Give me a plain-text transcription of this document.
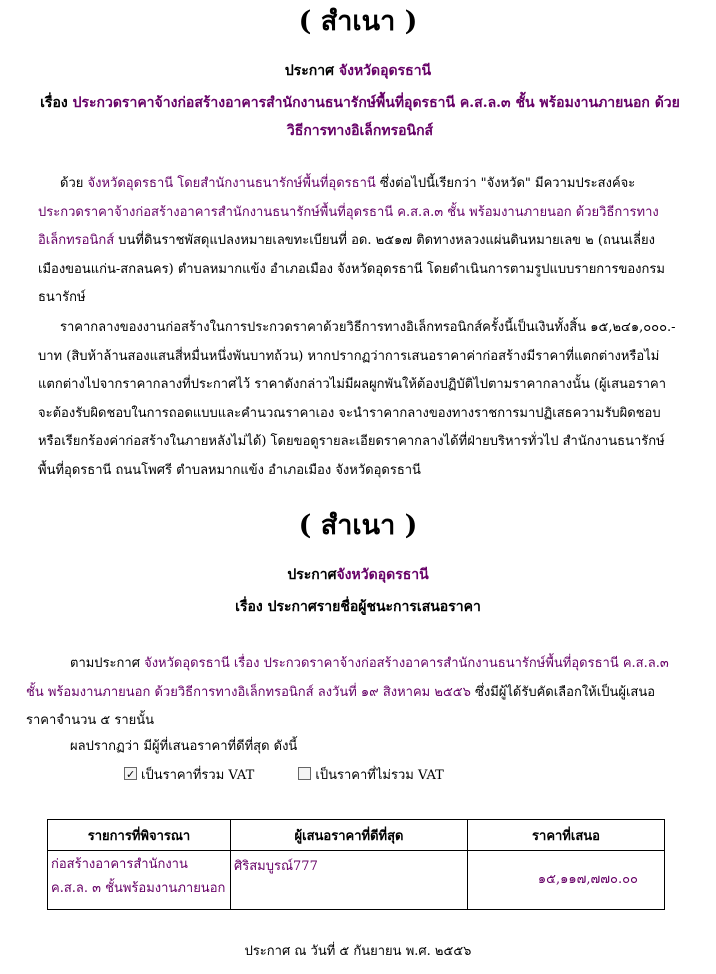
( สำเนา )
ประกาศ จังหวัดอุดรธานี
เรื่อง ประกวดราคาจ้างก่อสร้างอาคารสำนักงานธนารักษ์พื้นที่อุดรธานี ค.ส.ล.๓ ชั้น พร้อมงานภายนอก ด้วยวิธีการทางอิเล็กทรอนิกส์

ด้วย จังหวัดอุดรธานี โดยสำนักงานธนารักษ์พื้นที่อุดรธานี ซึ่งต่อไปนี้เรียกว่า "จังหวัด" มีความประสงค์จะ ประกวดราคาจ้างก่อสร้างอาคารสำนักงานธนารักษ์พื้นที่อุดรธานี ค.ส.ล.๓ ชั้น พร้อมงานภายนอก ด้วยวิธีการทางอิเล็กทรอนิกส์ บนที่ดินราชพัสดุแปลงหมายเลขทะเบียนที่ อด. ๒๕๑๗ ติดทางหลวงแผ่นดินหมายเลข ๒ (ถนนเลี่ยงเมืองขอนแก่น-สกลนคร) ตำบลหมากแข้ง อำเภอเมือง จังหวัดอุดรธานี โดยดำเนินการตามรูปแบบรายการของกรมธนารักษ์

ราคากลางของงานก่อสร้างในการประกวดราคาด้วยวิธีการทางอิเล็กทรอนิกส์ครั้งนี้เป็นเงินทั้งสิ้น ๑๕,๒๔๑,๐๐๐.- บาท (สิบห้าล้านสองแสนสี่หมื่นหนึ่งพันบาทถ้วน) หากปรากฏว่าการเสนอราคาค่าก่อสร้างมีราคาที่แตกต่างหรือไม่แตกต่างไปจากราคากลางที่ประกาศไว้ ราคาดังกล่าวไม่มีผลผูกพันให้ต้องปฏิบัติไปตามราคากลางนั้น (ผู้เสนอราคาจะต้องรับผิดชอบในการถอดแบบและคำนวณราคาเอง จะนำราคากลางของทางราชการมาปฏิเสธความรับผิดชอบหรือเรียกร้องค่าก่อสร้างในภายหลังไม่ได้) โดยขอดูรายละเอียดราคากลางได้ที่ฝ่ายบริหารทั่วไป สำนักงานธนารักษ์พื้นที่อุดรธานี ถนนโพศรี ตำบลหมากแข้ง อำเภอเมือง จังหวัดอุดรธานี

( สำเนา )
ประกาศจังหวัดอุดรธานี
เรื่อง ประกาศรายชื่อผู้ชนะการเสนอราคา

ตามประกาศ จังหวัดอุดรธานี เรื่อง ประกวดราคาจ้างก่อสร้างอาคารสำนักงานธนารักษ์พื้นที่อุดรธานี ค.ส.ล.๓ ชั้น พร้อมงานภายนอก ด้วยวิธีการทางอิเล็กทรอนิกส์ ลงวันที่ ๑๙ สิงหาคม ๒๕๕๖ ซึ่งมีผู้ได้รับคัดเลือกให้เป็นผู้เสนอราคาจำนวน ๕ รายนั้น

ผลปรากฏว่า มีผู้ที่เสนอราคาที่ดีที่สุด ดังนี้

✓เป็นราคาที่รวม VAT	เป็นราคาที่ไม่รวม VAT
รายการที่พิจารณา	ผู้เสนอราคาที่ดีที่สุด	ราคาที่เสนอ
ก่อสร้างอาคารสำนักงาน ค.ส.ล. ๓ ชั้นพร้อมงานภายนอก	ศิริสมบูรณ์777	๑๕,๑๑๗,๗๗๐.๐๐
ประกาศ ณ วันที่ ๕ กันยายน พ.ศ. ๒๕๕๖
